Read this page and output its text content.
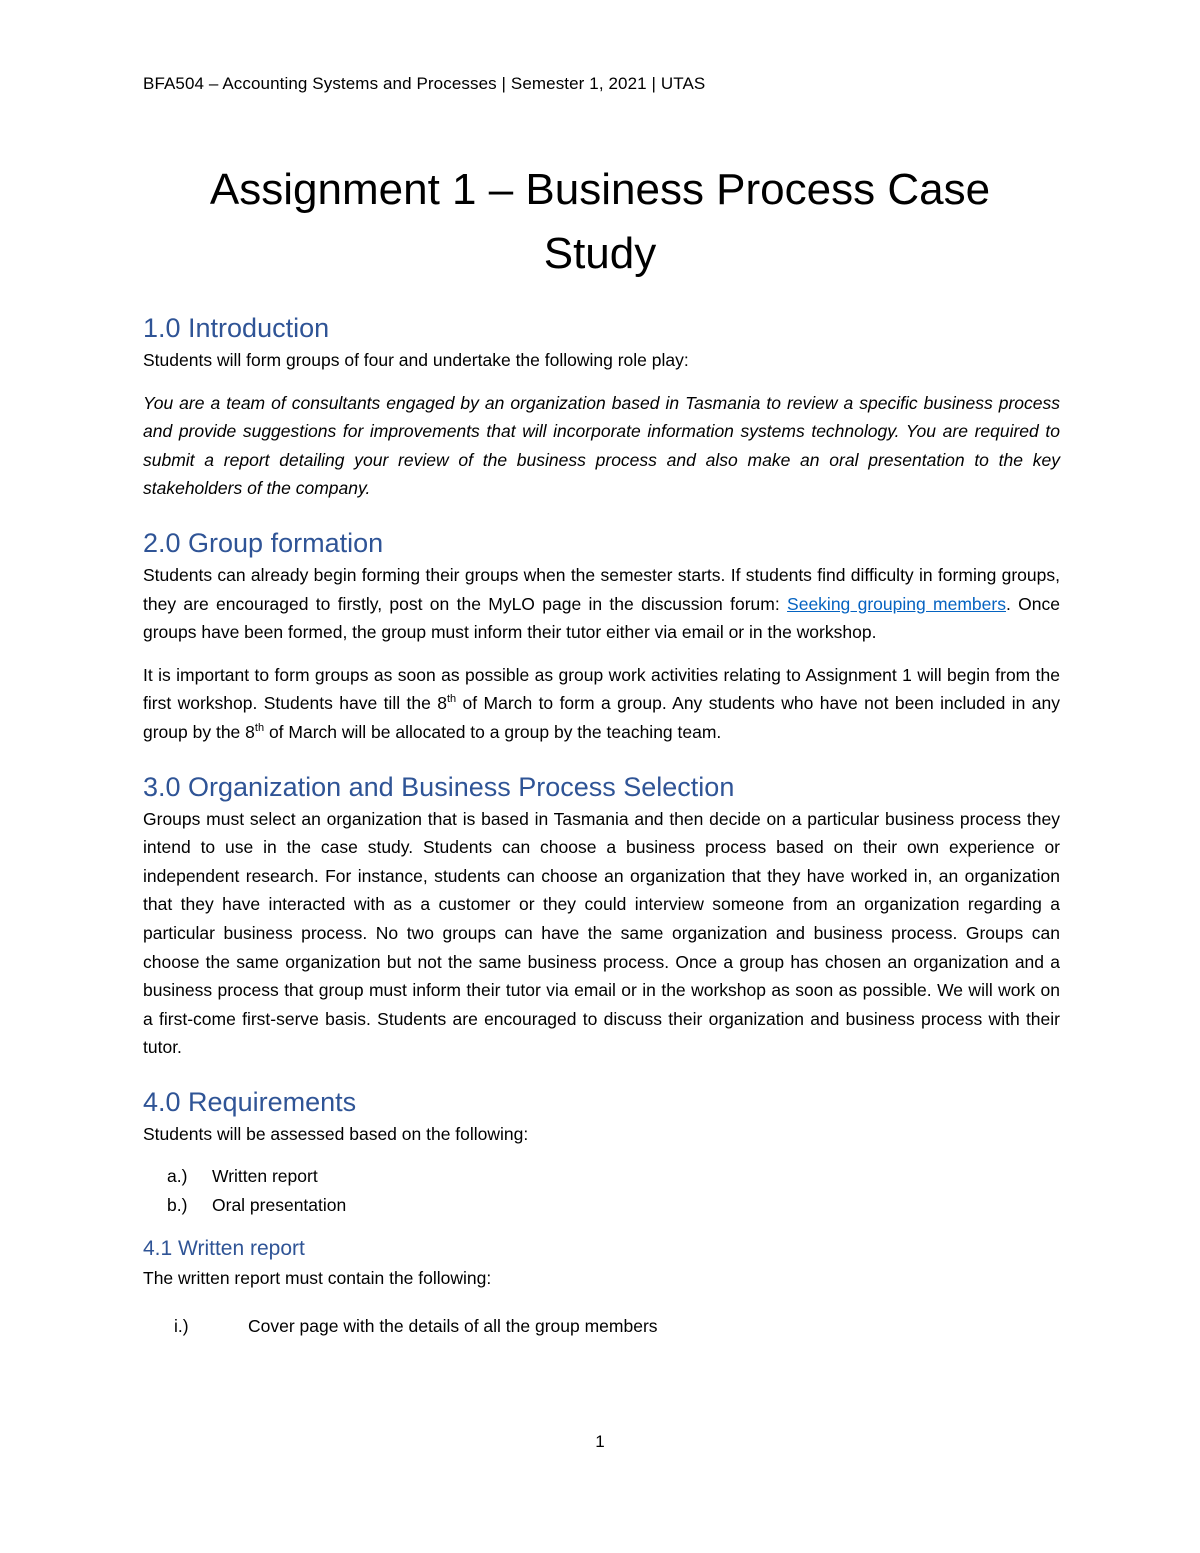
BFA504 – Accounting Systems and Processes | Semester 1, 2021 | UTAS
Assignment 1 – Business Process Case
Study
1.0 Introduction

Students will form groups of four and undertake the following role play:

You are a team of consultants engaged by an organization based in Tasmania to review a specific business process and provide suggestions for improvements that will incorporate information systems technology. You are required to submit a report detailing your review of the business process and also make an oral presentation to the key stakeholders of the company.

2.0 Group formation

Students can already begin forming their groups when the semester starts. If students find difficulty in forming groups, they are encouraged to firstly, post on the MyLO page in the discussion forum: Seeking grouping members. Once groups have been formed, the group must inform their tutor either via email or in the workshop.

It is important to form groups as soon as possible as group work activities relating to Assignment 1 will begin from the first workshop. Students have till the 8th of March to form a group. Any students who have not been included in any group by the 8th of March will be allocated to a group by the teaching team.

3.0 Organization and Business Process Selection

Groups must select an organization that is based in Tasmania and then decide on a particular business process they intend to use in the case study. Students can choose a business process based on their own experience or independent research. For instance, students can choose an organization that they have worked in, an organization that they have interacted with as a customer or they could interview someone from an organization regarding a particular business process. No two groups can have the same organization and business process. Groups can choose the same organization but not the same business process. Once a group has chosen an organization and a business process that group must inform their tutor via email or in the workshop as soon as possible. We will work on a first-come first-serve basis. Students are encouraged to discuss their organization and business process with their tutor.

4.0 Requirements

Students will be assessed based on the following:

a.) Written report
b.) Oral presentation
4.1 Written report

The written report must contain the following:

i.)	Cover page with the details of all the group members
1
